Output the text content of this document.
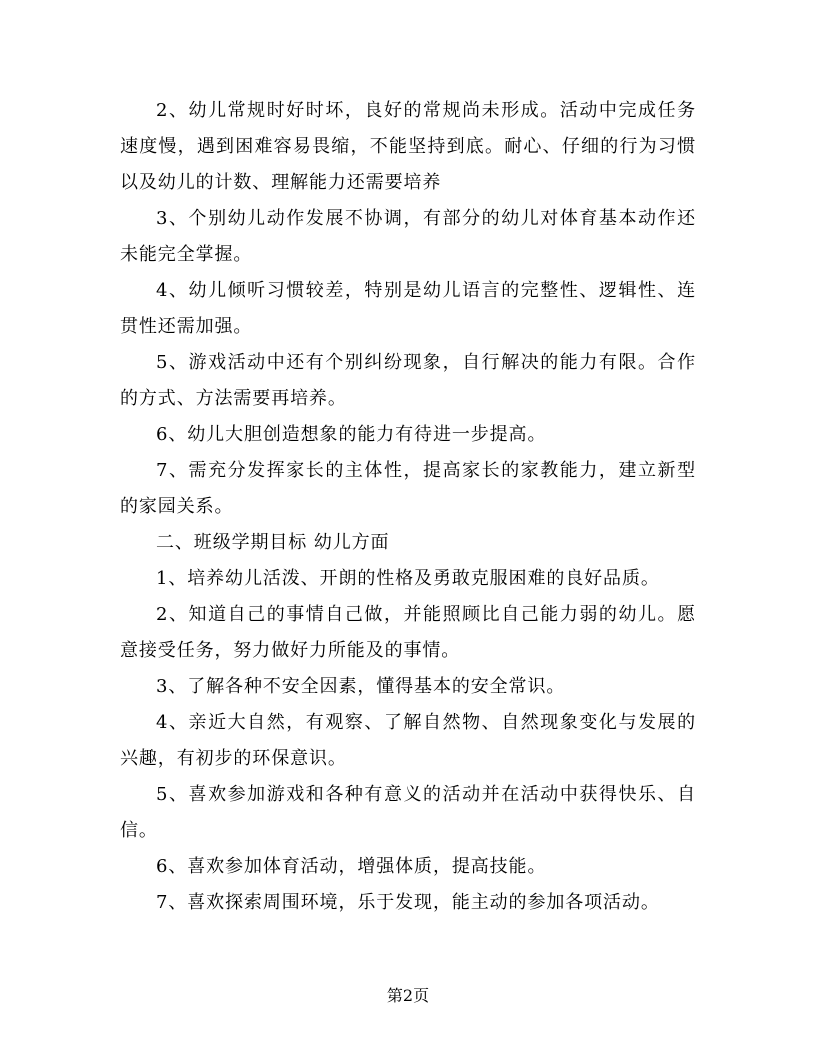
2、幼儿常规时好时坏，良好的常规尚未形成。活动中完成任务速度慢，遇到困难容易畏缩，不能坚持到底。耐心、仔细的行为习惯以及幼儿的计数、理解能力还需要培养

3、个别幼儿动作发展不协调，有部分的幼儿对体育基本动作还未能完全掌握。

4、幼儿倾听习惯较差，特别是幼儿语言的完整性、逻辑性、连贯性还需加强。

5、游戏活动中还有个别纠纷现象，自行解决的能力有限。合作的方式、方法需要再培养。

6、幼儿大胆创造想象的能力有待进一步提高。

7、需充分发挥家长的主体性，提高家长的家教能力，建立新型的家园关系。

二、班级学期目标 幼儿方面

1、培养幼儿活泼、开朗的性格及勇敢克服困难的良好品质。

2、知道自己的事情自己做，并能照顾比自己能力弱的幼儿。愿意接受任务，努力做好力所能及的事情。

3、了解各种不安全因素，懂得基本的安全常识。

4、亲近大自然，有观察、了解自然物、自然现象变化与发展的兴趣，有初步的环保意识。

5、喜欢参加游戏和各种有意义的活动并在活动中获得快乐、自信。

6、喜欢参加体育活动，增强体质，提高技能。

7、喜欢探索周围环境，乐于发现，能主动的参加各项活动。

第2页
